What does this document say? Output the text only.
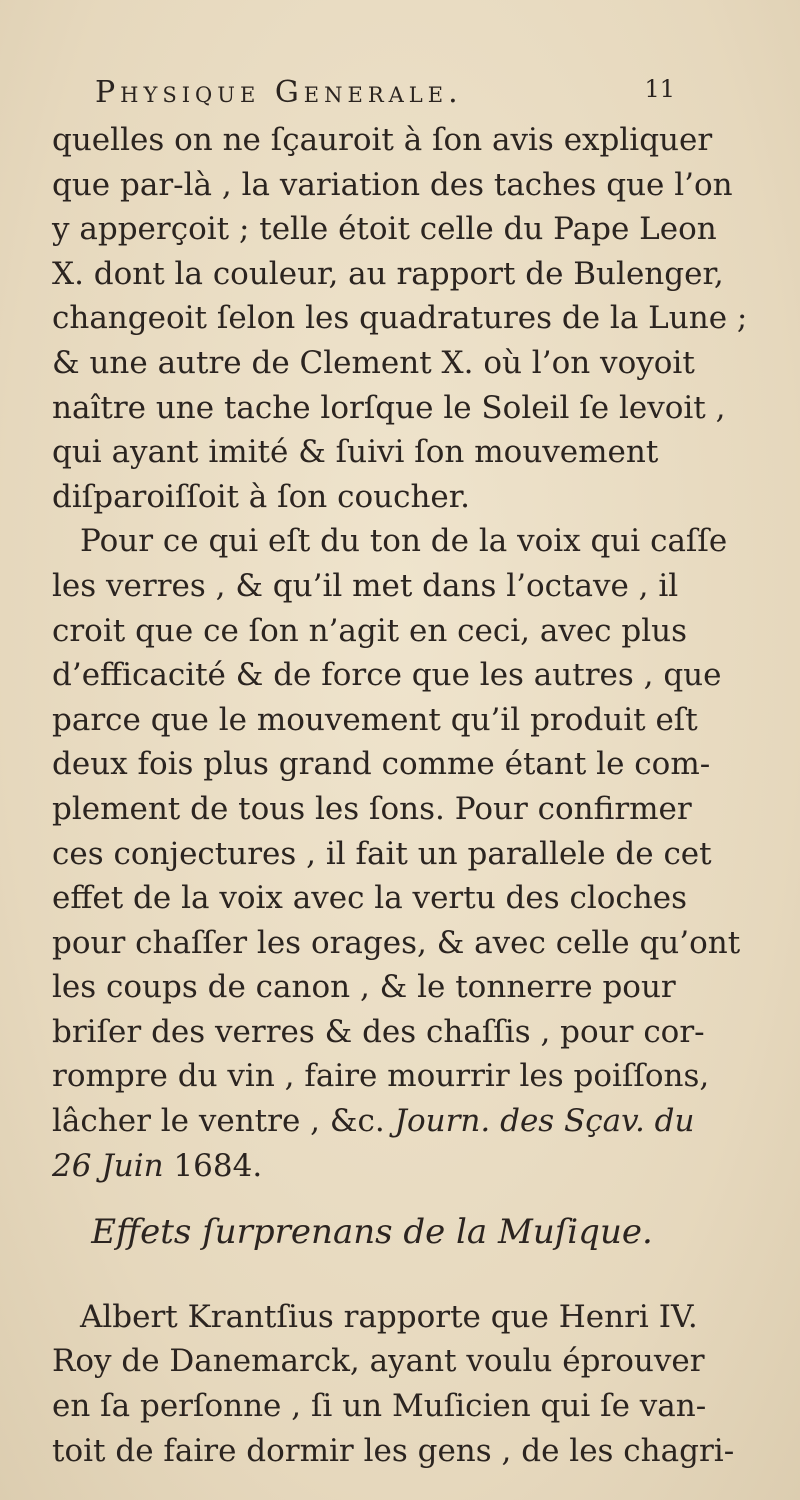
Physique Generale.	11
quelles on ne ſçauroit à ſon avis expliquer
que par-là , la variation des taches que l’on
y apperçoit ; telle étoit celle du Pape Leon
X. dont la couleur, au rapport de Bulenger,
changeoit ſelon les quadratures de la Lune ;
& une autre de Clement X. où l’on voyoit
naître une tache lorſque le Soleil ſe levoit ,
qui ayant imité & ſuivi ſon mouvement
diſparoiſſoit à ſon coucher.
Pour ce qui eſt du ton de la voix qui caſſe
les verres , & qu’il met dans l’octave , il
croit que ce ſon n’agit en ceci, avec plus
d’efficacité & de force que les autres , que
parce que le mouvement qu’il produit eſt
deux fois plus grand comme étant le com-
plement de tous les ſons. Pour confirmer
ces conjectures , il fait un parallele de cet
effet de la voix avec la vertu des cloches
pour chaſſer les orages, & avec celle qu’ont
les coups de canon , & le tonnerre pour
briſer des verres & des chaſſis , pour cor-
rompre du vin , faire mourrir les poiſſons,
lâcher le ventre , &c. Journ. des Sçav. du
26 Juin 1684.
Effets ſurprenans de la Muſique.
Albert Krantſius rapporte que Henri IV.
Roy de Danemarck, ayant voulu éprouver
en ſa perſonne , ſi un Muſicien qui ſe van-
toit de faire dormir les gens , de les chagri-
